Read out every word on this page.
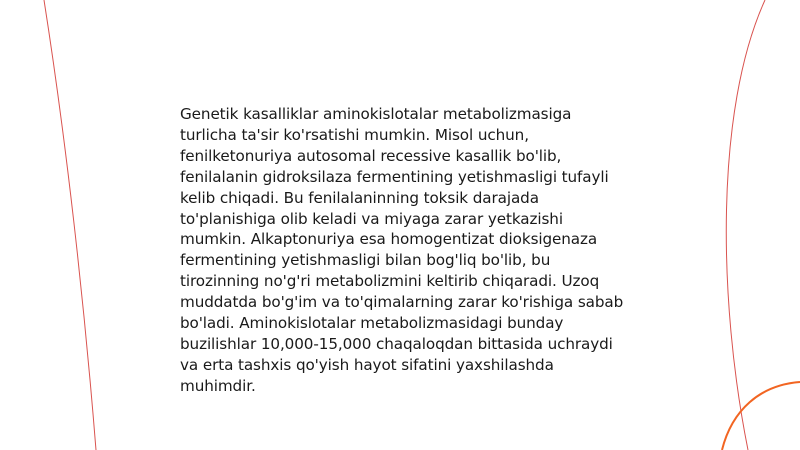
Genetik kasalliklar aminokislotalar metabolizmasiga turlicha ta'sir ko'rsatishi mumkin. Misol uchun, fenilketonuriya autosomal recessive kasallik bo'lib, fenilalanin gidroksilaza fermentining yetishmasligi tufayli kelib chiqadi. Bu fenilalaninning toksik darajada to'planishiga olib keladi va miyaga zarar yetkazishi mumkin. Alkaptonuriya esa homogentizat dioksigenaza fermentining yetishmasligi bilan bog'liq bo'lib, bu tirozinning no'g'ri metabolizmini keltirib chiqaradi. Uzoq muddatda bo'g'im va to'qimalarning zarar ko'rishiga sabab bo'ladi. Aminokislotalar metabolizmasidagi bunday buzilishlar 10,000-15,000 chaqaloqdan bittasida uchraydi va erta tashxis qo'yish hayot sifatini yaxshilashda muhimdir.
